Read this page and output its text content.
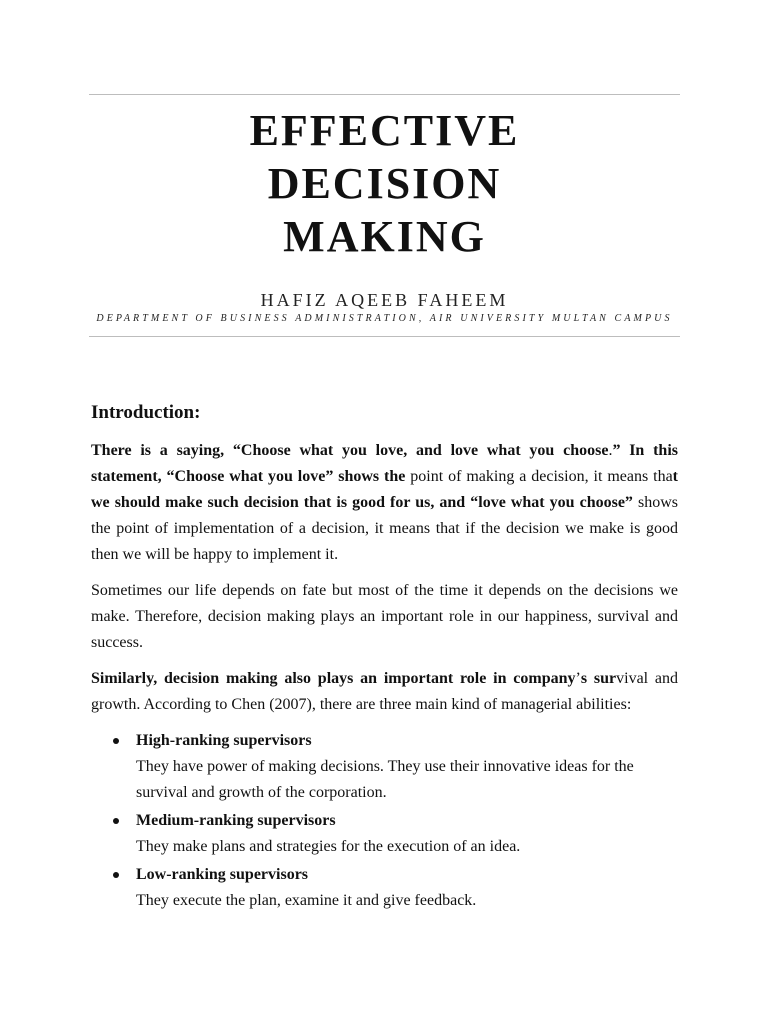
EFFECTIVE
DECISION
MAKING
HAFIZ AQEEB FAHEEM
DEPARTMENT OF BUSINESS ADMINISTRATION, AIR UNIVERSITY MULTAN CAMPUS
Introduction:

There is a saying, “Choose what you love, and love what you choose.” In this statement, “Choose what you love” shows the point of making a decision, it means that we should make such decision that is good for us, and “love what you choose” shows the point of implementation of a decision, it means that if the decision we make is good then we will be happy to implement it.

Sometimes our life depends on fate but most of the time it depends on the decisions we make. Therefore, decision making plays an important role in our happiness, survival and success.

Similarly, decision making also plays an important role in company’s survival and growth. According to Chen (2007), there are three main kind of managerial abilities:

High-ranking supervisors
They have power of making decisions. They use their innovative ideas for the survival and growth of the corporation.
Medium-ranking supervisors
They make plans and strategies for the execution of an idea.
Low-ranking supervisors
They execute the plan, examine it and give feedback.
